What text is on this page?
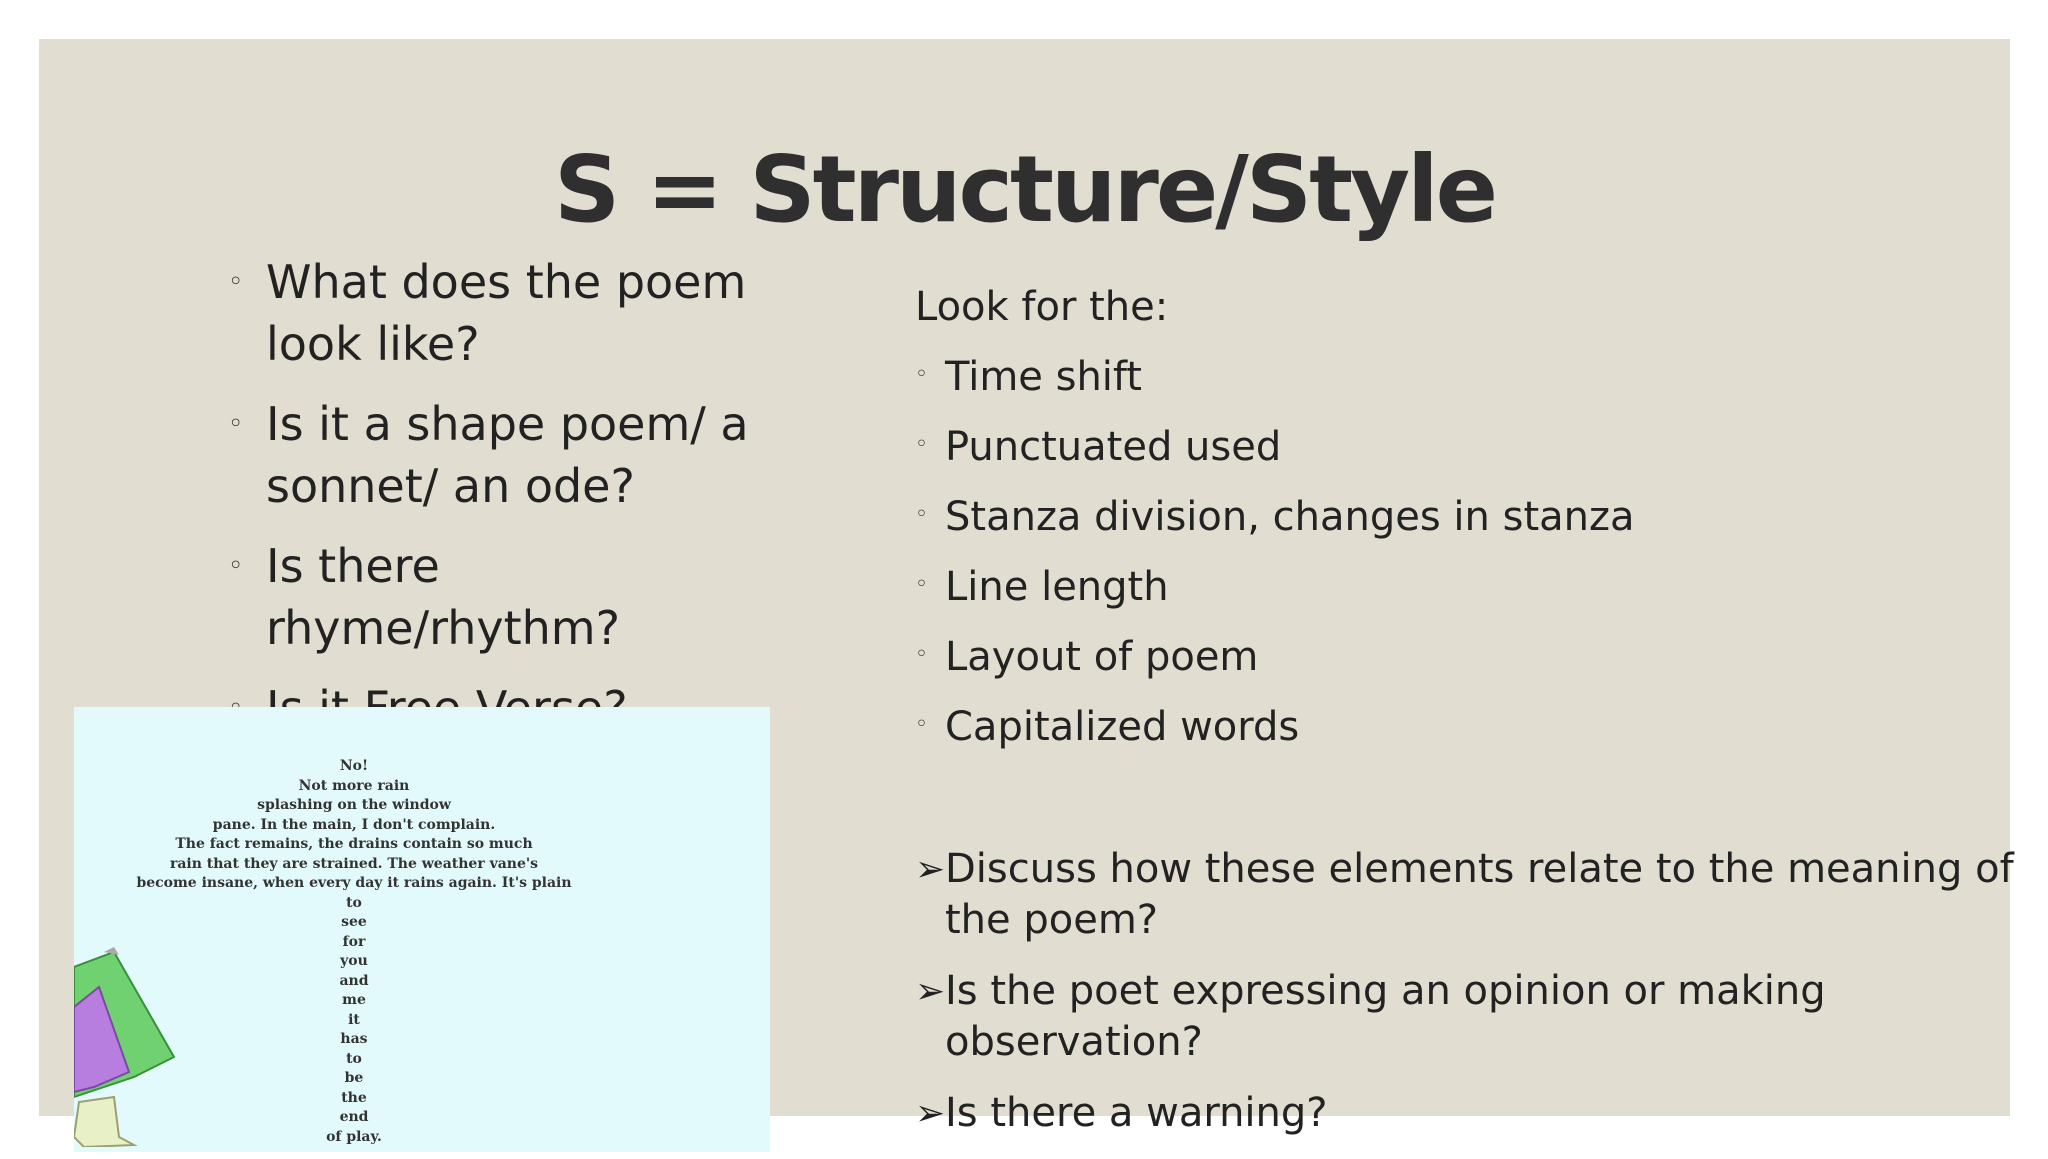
S = Structure/Style
◦ What does the poem look like?
◦ Is it a shape poem/ a sonnet/ an ode?
◦ Is there rhyme/rhythm?

Look for the:

◦ Time shift
◦ Punctuated used
◦ Stanza division, changes in stanza
◦ Line length
◦ Layout of poem
◦ Capitalized words
➢ Discuss how these elements relate to the meaning of the poem?
➢ Is the poet expressing an opinion or making observation?
➢ Is there a warning?
No!
Not more rain
splashing on the window
pane. In the main, I don't complain.
The fact remains, the drains contain so much
rain that they are strained. The weather vane's
become insane, when every day it rains again. It's plain
to
see
for
you
and
me
it
has
to
be
the
end
of play.
